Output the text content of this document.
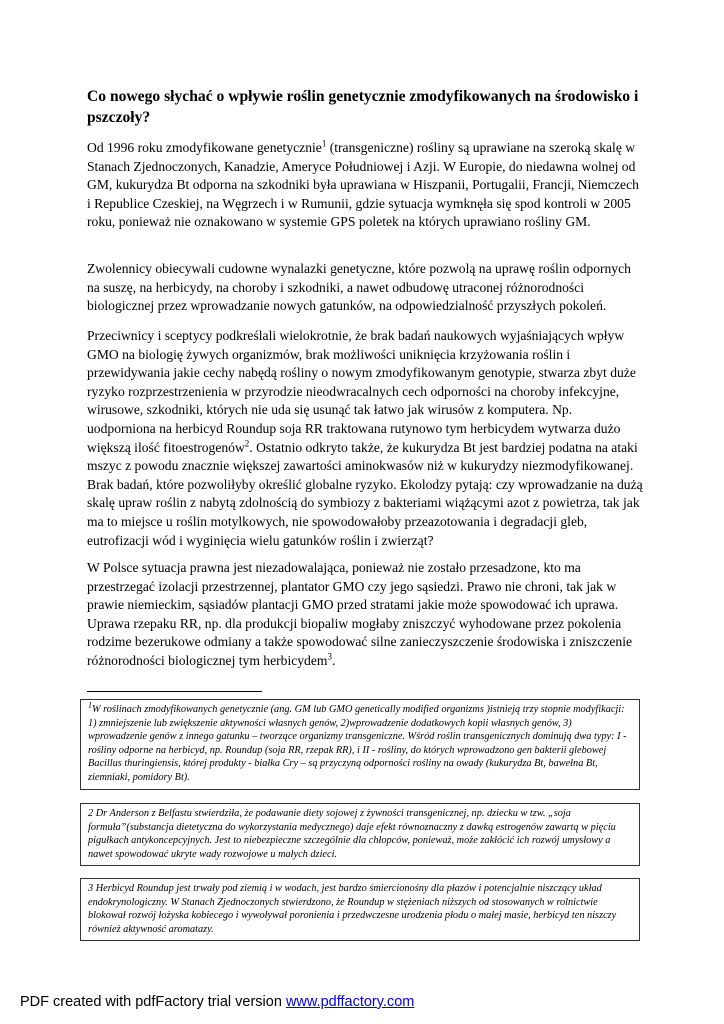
Co nowego słychać o wpływie roślin genetycznie zmodyfikowanych na środowisko i pszczoły?

Od 1996 roku zmodyfikowane genetycznie$^1$ (transgeniczne) rośliny są uprawiane na szeroką skalę w Stanach Zjednoczonych, Kanadzie, Ameryce Południowej i Azji. W Europie, do niedawna wolnej od GM, kukurydza Bt odporna na szkodniki była uprawiana w Hiszpanii, Portugalii, Francji, Niemczech i Republice Czeskiej, na Węgrzech i w Rumunii, gdzie sytuacja wymknęła się spod kontroli w 2005 roku, ponieważ nie oznakowano w systemie GPS poletek na których uprawiano rośliny GM.

Zwolennicy obiecywali cudowne wynalazki genetyczne, które pozwolą na uprawę roślin odpornych na suszę, na herbicydy, na choroby i szkodniki, a nawet odbudowę utraconej różnorodności biologicznej przez wprowadzanie nowych gatunków, na odpowiedzialność przyszłych pokoleń.

Przeciwnicy i sceptycy podkreślali wielokrotnie, że brak badań naukowych wyjaśniających wpływ GMO na biologię żywych organizmów, brak możliwości uniknięcia krzyżowania roślin i przewidywania jakie cechy nabędą rośliny o nowym zmodyfikowanym genotypie, stwarza zbyt duże ryzyko rozprzestrzenienia w przyrodzie nieodwracalnych cech odporności na choroby infekcyjne, wirusowe, szkodniki, których nie uda się usunąć tak łatwo jak wirusów z komputera. Np. uodporniona na herbicyd Roundup soja RR traktowana rutynowo tym herbicydem wytwarza dużo większą ilość fitoestrogenów$^2$. Ostatnio odkryto także, że kukurydza Bt jest bardziej podatna na ataki mszyc z powodu znacznie większej zawartości aminokwasów niż w kukurydzy niezmodyfikowanej. Brak badań, które pozwoliłyby określić globalne ryzyko. Ekolodzy pytają: czy wprowadzanie na dużą skalę upraw roślin z nabytą zdolnością do symbiozy z bakteriami wiążącymi azot z powietrza, tak jak ma to miejsce u roślin motylkowych, nie spowodowałoby przeazotowania i degradacji gleb, eutrofizacji wód i wyginięcia wielu gatunków roślin i zwierząt?

W Polsce sytuacja prawna jest niezadowalająca, ponieważ nie zostało przesadzone, kto ma przestrzegać izolacji przestrzennej, plantator GMO czy jego sąsiedzi. Prawo nie chroni, tak jak w prawie niemieckim, sąsiadów plantacji GMO przed stratami jakie może spowodować ich uprawa. Uprawa rzepaku RR, np. dla produkcji biopaliw mogłaby zniszczyć wyhodowane przez pokolenia rodzime bezerukowe odmiany a także spowodować silne zanieczyszczenie środowiska i zniszczenie różnorodności biologicznej tym herbicydem$^3$.

$^1$W roślinach zmodyfikowanych genetycznie (ang. GM lub GMO genetically modified organizms )istnieją trzy stopnie modyfikacji: 1) zmniejszenie lub zwiększenie aktywności własnych genów, 2)wprowadzenie dodatkowych kopii własnych genów, 3) wprowadzenie genów z innego gatunku – tworzące organizmy transgeniczne. Wśród roślin transgenicznych dominują dwa typy: I - rośliny odporne na herbicyd, np. Roundup (soja RR, rzepak RR), i II - rośliny, do których wprowadzono gen bakterii glebowej Bacillus thuringiensis, której produkty - białka Cry – są przyczyną odporności rośliny na owady (kukurydza Bt, bawełna Bt, ziemniaki, pomidory Bt).
2 Dr Anderson z Belfastu stwierdziła, że podawanie diety sojowej z żywności transgenicznej, np. dziecku w tzw. „soja formuła”(substancja dietetyczna do wykorzystania medycznego) daje efekt równoznaczny z dawką estrogenów zawartą w pięciu pigułkach antykoncepcyjnych. Jest to niebezpieczne szczególnie dla chłopców, ponieważ, może zakłócić ich rozwój umysłowy a nawet spowodować ukryte wady rozwojowe u małych dzieci.
3 Herbicyd Roundup jest trwały pod ziemią i w wodach, jest bardzo śmiercionośny dla płazów i potencjalnie niszczący układ endokrynologiczny. W Stanach Zjednoczonych stwierdzono, że Roundup w stężeniach niższych od stosowanych w rolnictwie blokował rozwój łożyska kobiecego i wywoływał poronienia i przedwczesne urodzenia płodu o małej masie, herbicyd ten niszczy również aktywność aromatazy.
PDF created with pdfFactory trial version www.pdffactory.com
